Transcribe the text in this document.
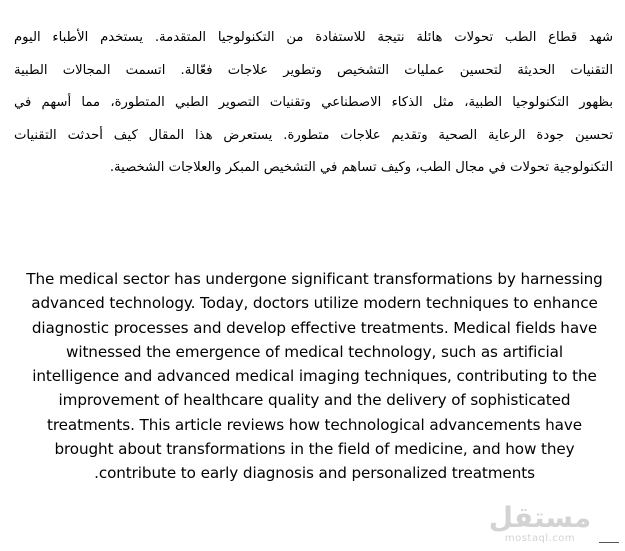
شهد قطاع الطب تحولات هائلة نتيجة للاستفادة من التكنولوجيا المتقدمة. يستخدم الأطباء اليوم
التقنيات الحديثة لتحسين عمليات التشخيص وتطوير علاجات فعّالة. اتسمت المجالات الطبية
بظهور التكنولوجيا الطبية، مثل الذكاء الاصطناعي وتقنيات التصوير الطبي المتطورة، مما أسهم في
تحسين جودة الرعاية الصحية وتقديم علاجات متطورة. يستعرض هذا المقال كيف أحدثت التقنيات
التكنولوجية تحولات في مجال الطب، وكيف تساهم في التشخيص المبكر والعلاجات الشخصية.
The medical sector has undergone significant transformations by harnessing
advanced technology. Today, doctors utilize modern techniques to enhance
diagnostic processes and develop effective treatments. Medical fields have
witnessed the emergence of medical technology, such as artificial
intelligence and advanced medical imaging techniques, contributing to the
improvement of healthcare quality and the delivery of sophisticated
treatments. This article reviews how technological advancements have
brought about transformations in the field of medicine, and how they
.contribute to early diagnosis and personalized treatments
مستقل
mostaql.com
